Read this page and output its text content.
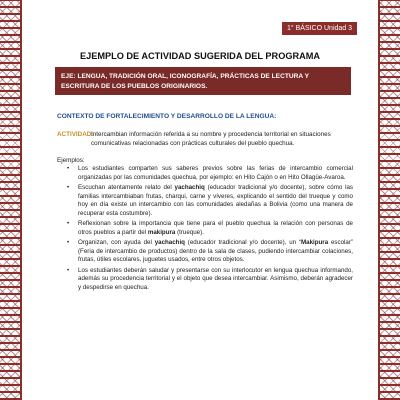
1° BÁSICO Unidad 3
EJEMPLO DE ACTIVIDAD SUGERIDA DEL PROGRAMA
EJE: LENGUA, TRADICIÓN ORAL, ICONOGRAFÍA, PRÁCTICAS DE LECTURA Y ESCRITURA DE LOS PUEBLOS ORIGINARIOS.
CONTEXTO DE FORTALECIMIENTO Y DESARROLLO DE LA LENGUA:
ACTIVIDAD:
Intercambian información referida a su nombre y procedencia territorial en situaciones comunicativas relacionadas con prácticas culturales del pueblo quechua.
Ejemplos:
• Los estudiantes comparten sus saberes previos sobre las ferias de intercambio comercial organizadas por las comunidades quechua, por ejemplo: en Hito Cajón o en Hito Ollagüe-Avaroa.
• Escuchan atentamente relato del yachachiq (educador tradicional y/o docente), sobre cómo las familias intercambiaban frutas, charqui, carne y víveres, explicando el sentido del trueque y como hoy en día existe un intercambio con las comunidades aledañas a Bolivia (como una manera de recuperar esta costumbre).
• Reflexionan sobre la importancia que tiene para el pueblo quechua la relación con personas de otros pueblos a partir del makipura (trueque).
• Organizan, con ayuda del yachachiq (educador tradicional y/o docente), un “Makipura escolar” (Feria de intercambio de productos) dentro de la sala de clases, pudiendo intercambiar colaciones, frutas, útiles escolares, juguetes usados, entre otros objetos.
• Los estudiantes deberán saludar y presentarse con su interlocutor en lengua quechua informando, además su procedencia territorial y el objeto que desea intercambiar. Asimismo, deberán agradecer y despedirse en quechua.
